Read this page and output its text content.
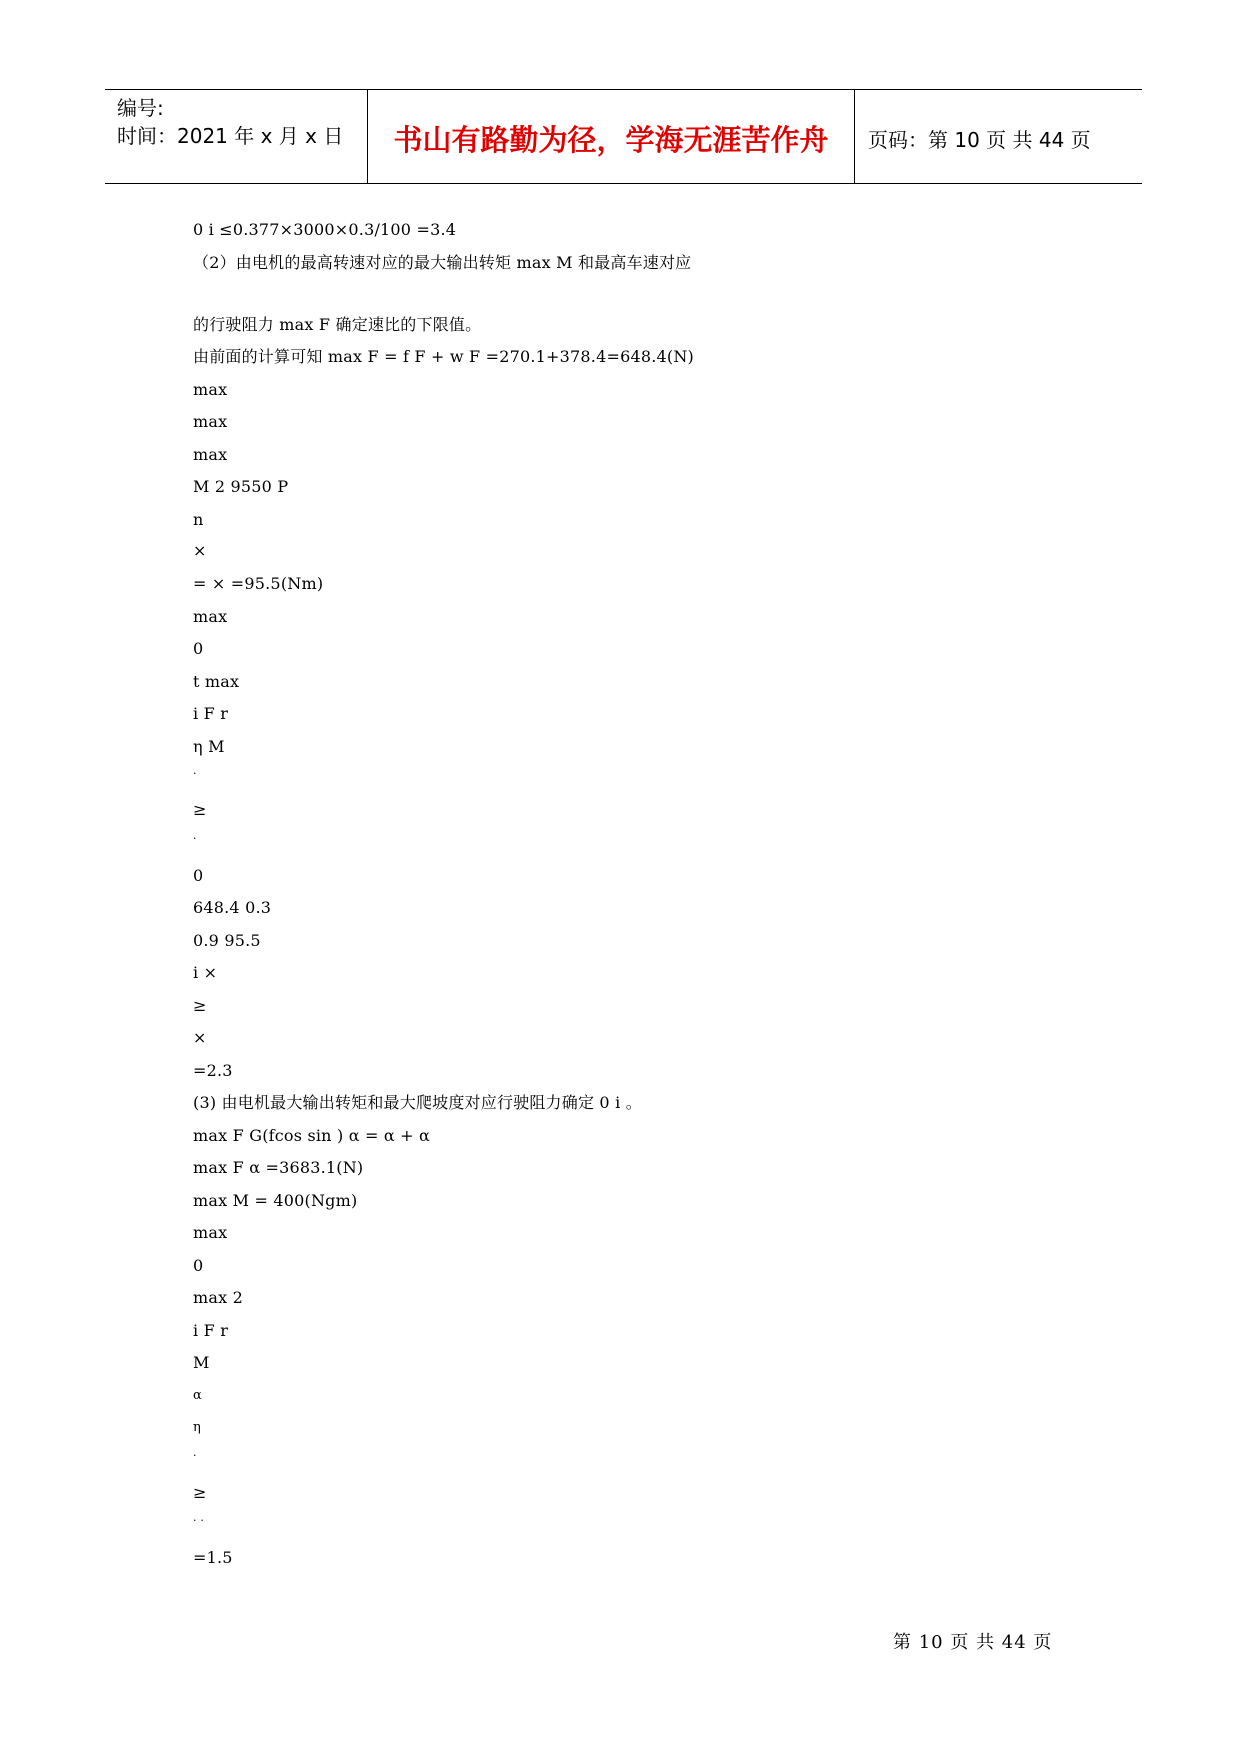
编号:
时间：2021 年 x 月 x 日	书山有路勤为径，学海无涯苦作舟	页码：第 10 页 共 44 页
0 i ≤0.377×3000×0.3/100 =3.4
（2）由电机的最高转速对应的最大输出转矩 max M 和最高车速对应
的行驶阻力 max F 确定速比的下限值。
由前面的计算可知 max F = f F + w F =270.1+378.4=648.4(N)
max
max
max
M 2 9550 P
n
×
= × =95.5(Nm)
max
0
t max
i F r
η M
·
≥
·
0
648.4 0.3
0.9 95.5
i ×
≥
×
=2.3
(3) 由电机最大输出转矩和最大爬坡度对应行驶阻力确定 0 i 。
max F G(fcos sin ) α = α + α
max F α =3683.1(N)
max M = 400(Ngm)
max
0
max 2
i F r
M
α
η
·
≥
· ·
=1.5
第 10 页 共 44 页
